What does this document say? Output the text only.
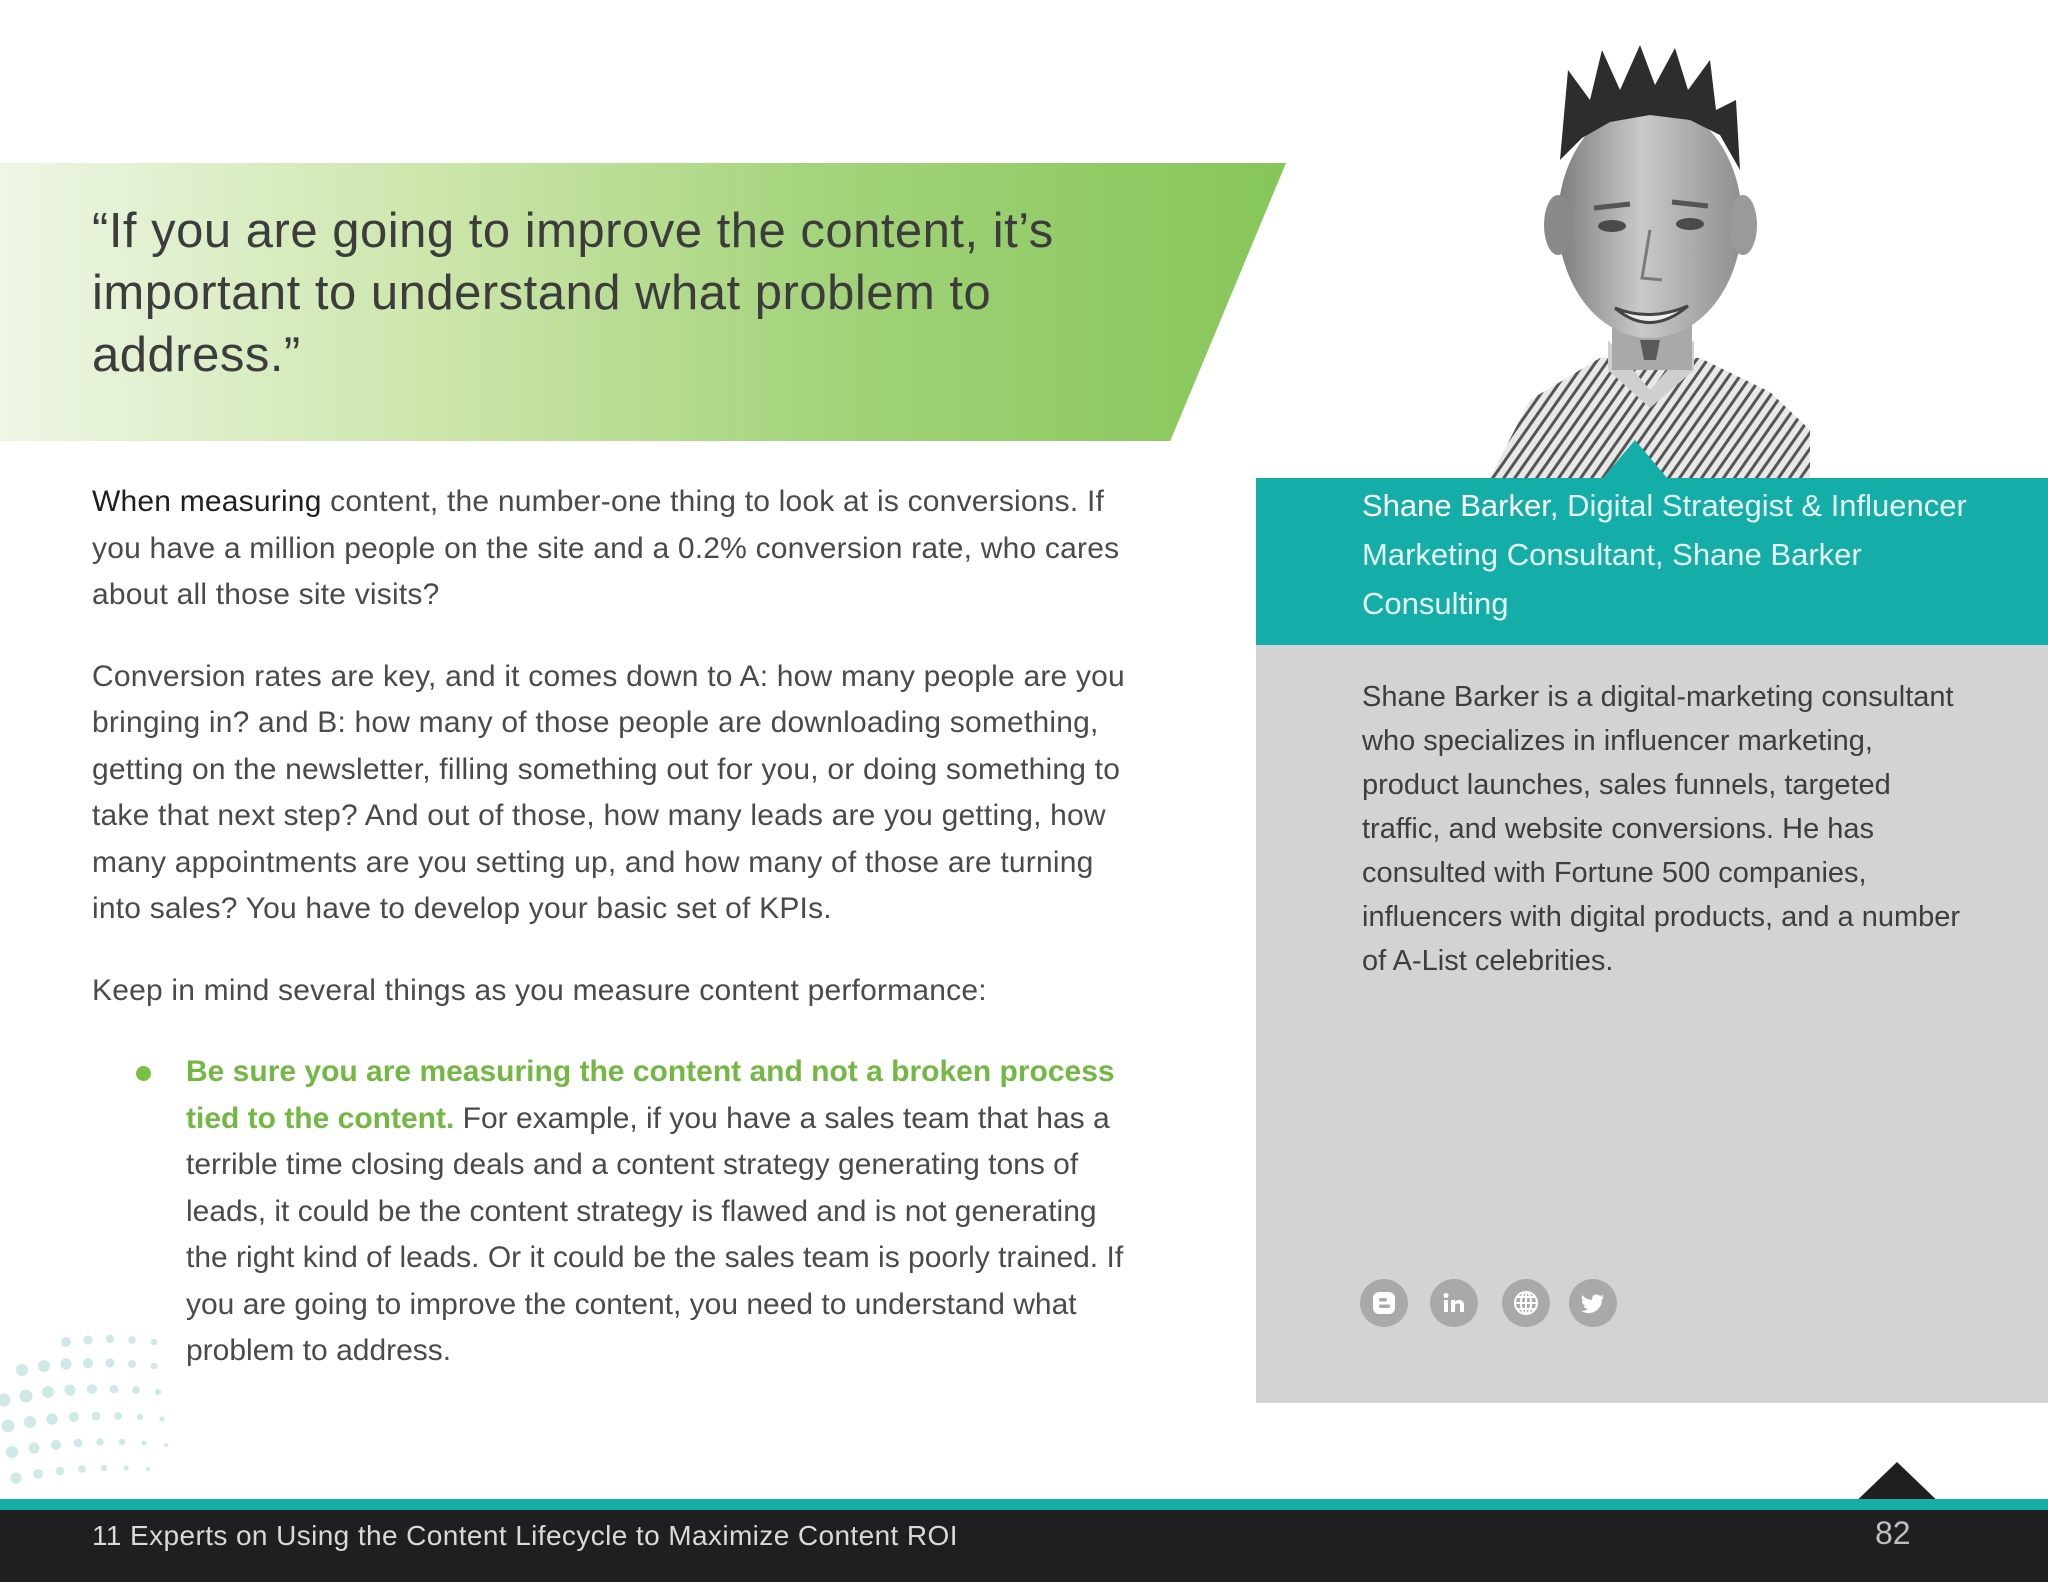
“If you are going to improve the content, it’s important to understand what problem to address.”

When measuring content, the number-one thing to look at is conversions. If you have a million people on the site and a 0.2% conversion rate, who cares about all those site visits?

Conversion rates are key, and it comes down to A: how many people are you bringing in? and B: how many of those people are downloading something, getting on the newsletter, filling something out for you, or doing something to take that next step? And out of those, how many leads are you getting, how many appointments are you setting up, and how many of those are turning into sales? You have to develop your basic set of KPIs.

Keep in mind several things as you measure content performance:

Be sure you are measuring the content and not a broken process tied to the content. For example, if you have a sales team that has a terrible time closing deals and a content strategy generating tons of leads, it could be the content strategy is flawed and is not generating the right kind of leads. Or it could be the sales team is poorly trained. If you are going to improve the content, you need to understand what problem to address.

Shane Barker, Digital Strategist & Influencer Marketing Consultant, Shane Barker Consulting

Shane Barker is a digital-marketing consultant who specializes in influencer marketing, product launches, sales funnels, targeted traffic, and website conversions. He has consulted with Fortune 500 companies, influencers with digital products, and a number of A-List celebrities.

11 Experts on Using the Content Lifecycle to Maximize Content ROI	82
